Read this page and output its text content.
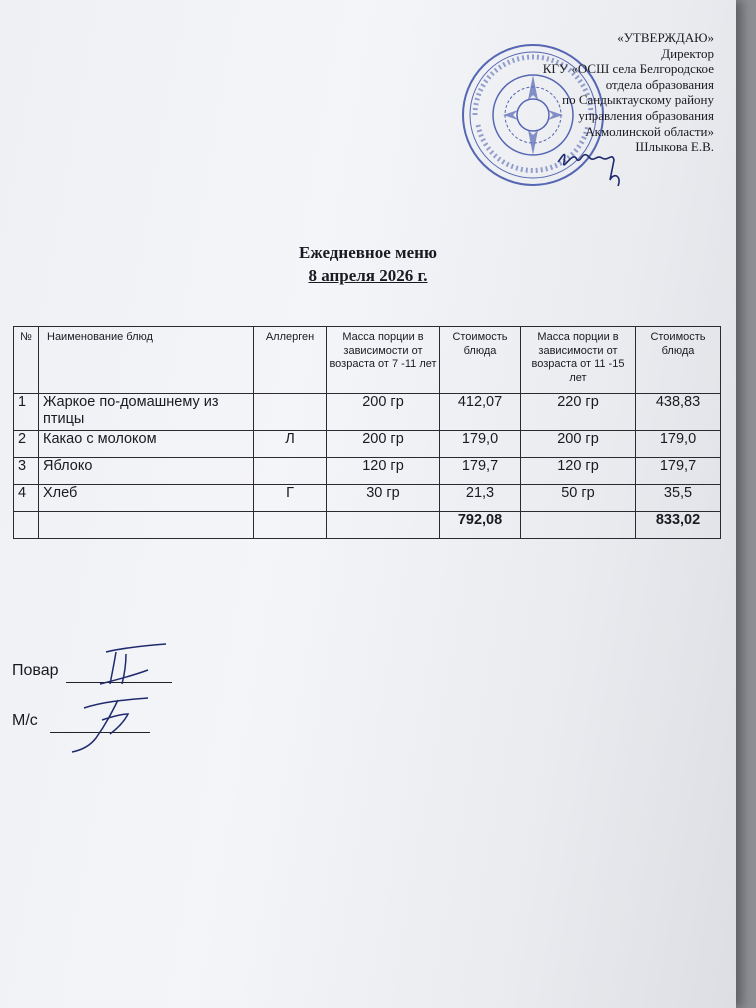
«УТВЕРЖДАЮ»
Директор
КГУ «ОСШ села Белгородское
отдела образования
по Сандыктаускому району
управления образования
Акмолинской области»
Шлыкова Е.В.
Ежедневное меню
8 апреля 2026 г.
№	Наименование блюд	Аллерген	Масса порции в зависимости от возраста от 7 -11 лет	Стоимость блюда	Масса порции в зависимости от возраста от 11 -15 лет	Стоимость блюда
1	Жаркое по-домашнему из птицы		200 гр	412,07	220 гр	438,83
2	Какао с молоком	Л	200 гр	179,0	200 гр	179,0
3	Яблоко		120 гр	179,7	120 гр	179,7
4	Хлеб	Г	30 гр	21,3	50 гр	35,5
				792,08		833,02
Повар
М/с
